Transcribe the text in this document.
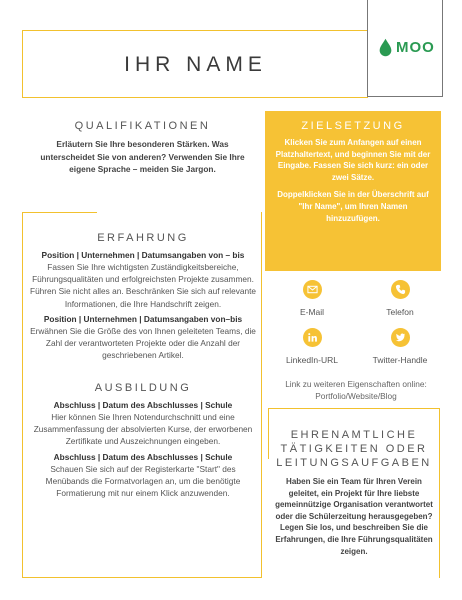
IHR NAME
MOO
QUALIFIKATIONEN
Erläutern Sie Ihre besonderen Stärken. Was unterscheidet Sie von anderen? Verwenden Sie Ihre eigene Sprache – meiden Sie Jargon.
ZIELSETZUNG
Klicken Sie zum Anfangen auf einen Platzhaltertext, und beginnen Sie mit der Eingabe. Fassen Sie sich kurz: ein oder zwei Sätze.
Doppelklicken Sie in der Überschrift auf "Ihr Name", um Ihren Namen hinzuzufügen.
ERFAHRUNG
Position | Unternehmen | Datumsangaben von – bis
Fassen Sie Ihre wichtigsten Zuständigkeitsbereiche, Führungsqualitäten und erfolgreichsten Projekte zusammen. Führen Sie nicht alles an. Beschränken Sie sich auf relevante Informationen, die Ihre Handschrift zeigen.
Position | Unternehmen | Datumsangaben von–bis
Erwähnen Sie die Größe des von Ihnen geleiteten Teams, die Zahl der verantworteten Projekte oder die Anzahl der geschriebenen Artikel.
AUSBILDUNG
Abschluss | Datum des Abschlusses | Schule
Hier können Sie Ihren Notendurchschnitt und eine Zusammenfassung der absolvierten Kurse, der erworbenen Zertifikate und Auszeichnungen eingeben.
Abschluss | Datum des Abschlusses | Schule
Schauen Sie sich auf der Registerkarte "Start" des Menübands die Formatvorlagen an, um die benötigte Formatierung mit nur einem Klick anzuwenden.
E-Mail	Telefon
LinkedIn-URL	Twitter-Handle
Link zu weiteren Eigenschaften online: Portfolio/Website/Blog
EHRENAMTLICHE TÄTIGKEITEN ODER LEITUNGSAUFGABEN
Haben Sie ein Team für Ihren Verein geleitet, ein Projekt für Ihre liebste gemeinnützige Organisation verantwortet oder die Schülerzeitung herausgegeben? Legen Sie los, und beschreiben Sie die Erfahrungen, die Ihre Führungsqualitäten zeigen.
